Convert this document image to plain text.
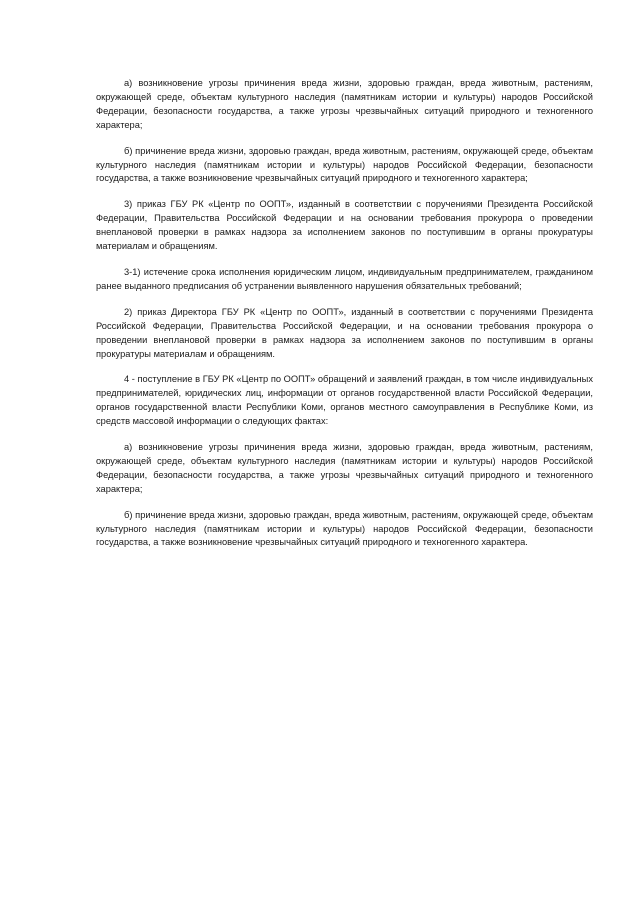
а) возникновение угрозы причинения вреда жизни, здоровью граждан, вреда животным, растениям, окружающей среде, объектам культурного наследия (памятникам истории и культуры) народов Российской Федерации, безопасности государства, а также угрозы чрезвычайных ситуаций природного и техногенного характера;

б) причинение вреда жизни, здоровью граждан, вреда животным, растениям, окружающей среде, объектам культурного наследия (памятникам истории и культуры) народов Российской Федерации, безопасности государства, а также возникновение чрезвычайных ситуаций природного и техногенного характера;

3) приказ ГБУ РК «Центр по ООПТ», изданный в соответствии с поручениями Президента Российской Федерации, Правительства Российской Федерации и на основании требования прокурора о проведении внеплановой проверки в рамках надзора за исполнением законов по поступившим в органы прокуратуры материалам и обращениям.

3-1) истечение срока исполнения юридическим лицом, индивидуальным предпринимателем, гражданином ранее выданного предписания об устранении выявленного нарушения обязательных требований;

2) приказ Директора ГБУ РК «Центр по ООПТ», изданный в соответствии с поручениями Президента Российской Федерации, Правительства Российской Федерации, и на основании требования прокурора о проведении внеплановой проверки в рамках надзора за исполнением законов по поступившим в органы прокуратуры материалам и обращениям.

4 - поступление в ГБУ РК «Центр по ООПТ» обращений и заявлений граждан, в том числе индивидуальных предпринимателей, юридических лиц, информации от органов государственной власти Российской Федерации, органов государственной власти Республики Коми, органов местного самоуправления в Республике Коми, из средств массовой информации о следующих фактах:

а) возникновение угрозы причинения вреда жизни, здоровью граждан, вреда животным, растениям, окружающей среде, объектам культурного наследия (памятникам истории и культуры) народов Российской Федерации, безопасности государства, а также угрозы чрезвычайных ситуаций природного и техногенного характера;

б) причинение вреда жизни, здоровью граждан, вреда животным, растениям, окружающей среде, объектам культурного наследия (памятникам истории и культуры) народов Российской Федерации, безопасности государства, а также возникновение чрезвычайных ситуаций природного и техногенного характера.
